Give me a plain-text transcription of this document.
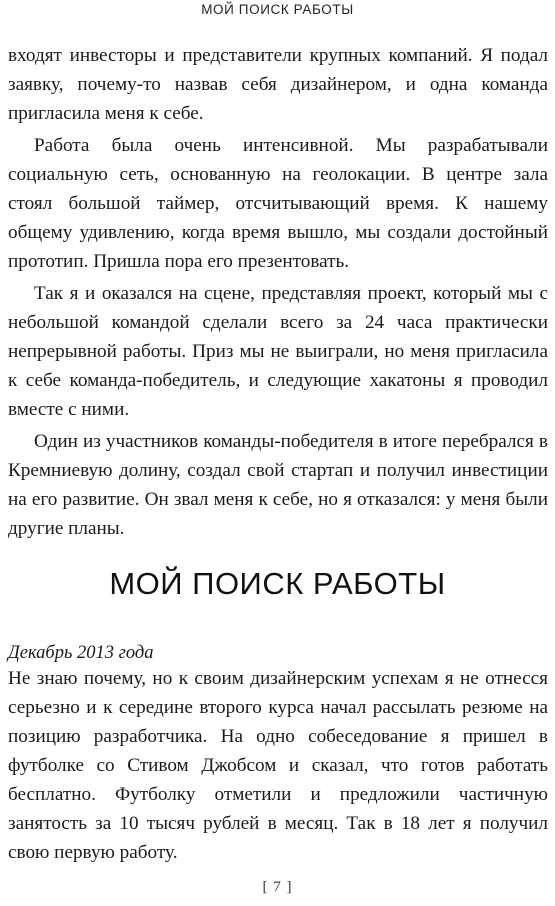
МОЙ ПОИСК РАБОТЫ

входят инвесторы и представители крупных компаний. Я подал заявку, почему-то назвав себя дизайнером, и одна команда пригласила меня к себе.

Работа была очень интенсивной. Мы разрабатывали социальную сеть, основанную на геолокации. В центре зала стоял большой таймер, отсчитывающий время. К нашему общему удивлению, когда время вышло, мы создали достойный прототип. Пришла пора его презентовать.

Так я и оказался на сцене, представляя проект, который мы с небольшой командой сделали всего за 24 часа практически непрерывной работы. Приз мы не выиграли, но меня пригласила к себе команда-победитель, и следующие хакатоны я проводил вместе с ними.

Один из участников команды-победителя в итоге перебрался в Кремниевую долину, создал свой стартап и получил инвестиции на его развитие. Он звал меня к себе, но я отказался: у меня были другие планы.

МОЙ ПОИСК РАБОТЫ
Декабрь 2013 года

Не знаю почему, но к своим дизайнерским успехам я не отнесся серьезно и к середине второго курса начал рассылать резюме на позицию разработчика. На одно собеседование я пришел в футболке со Стивом Джобсом и сказал, что готов работать бесплатно. Футболку отметили и предложили частичную занятость за 10 тысяч рублей в месяц. Так в 18 лет я получил свою первую работу.

[ 7 ]
